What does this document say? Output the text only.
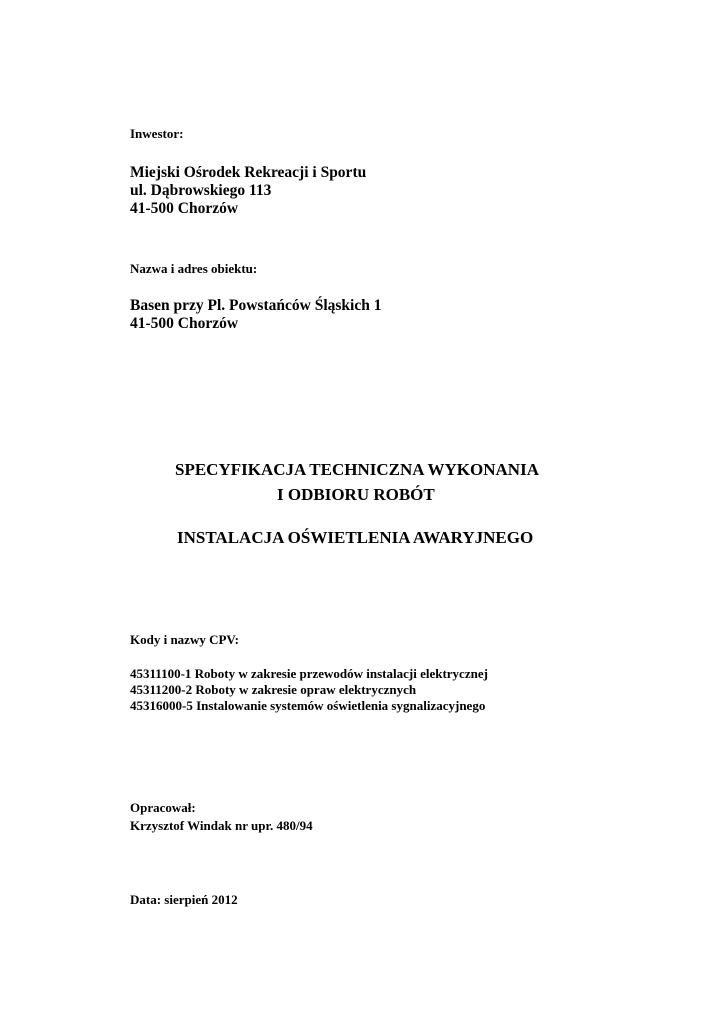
Inwestor:
Miejski Ośrodek Rekreacji i Sportu
ul. Dąbrowskiego 113
41-500 Chorzów
Nazwa i adres obiektu:
Basen przy Pl. Powstańców Śląskich 1
41-500 Chorzów
SPECYFIKACJA TECHNICZNA WYKONANIA
I ODBIORU ROBÓT
INSTALACJA OŚWIETLENIA AWARYJNEGO
Kody i nazwy CPV:
45311100-1 Roboty w zakresie przewodów instalacji elektrycznej
45311200-2 Roboty w zakresie opraw elektrycznych
45316000-5 Instalowanie systemów oświetlenia sygnalizacyjnego
Opracował:
Krzysztof Windak nr upr. 480/94
Data: sierpień 2012
